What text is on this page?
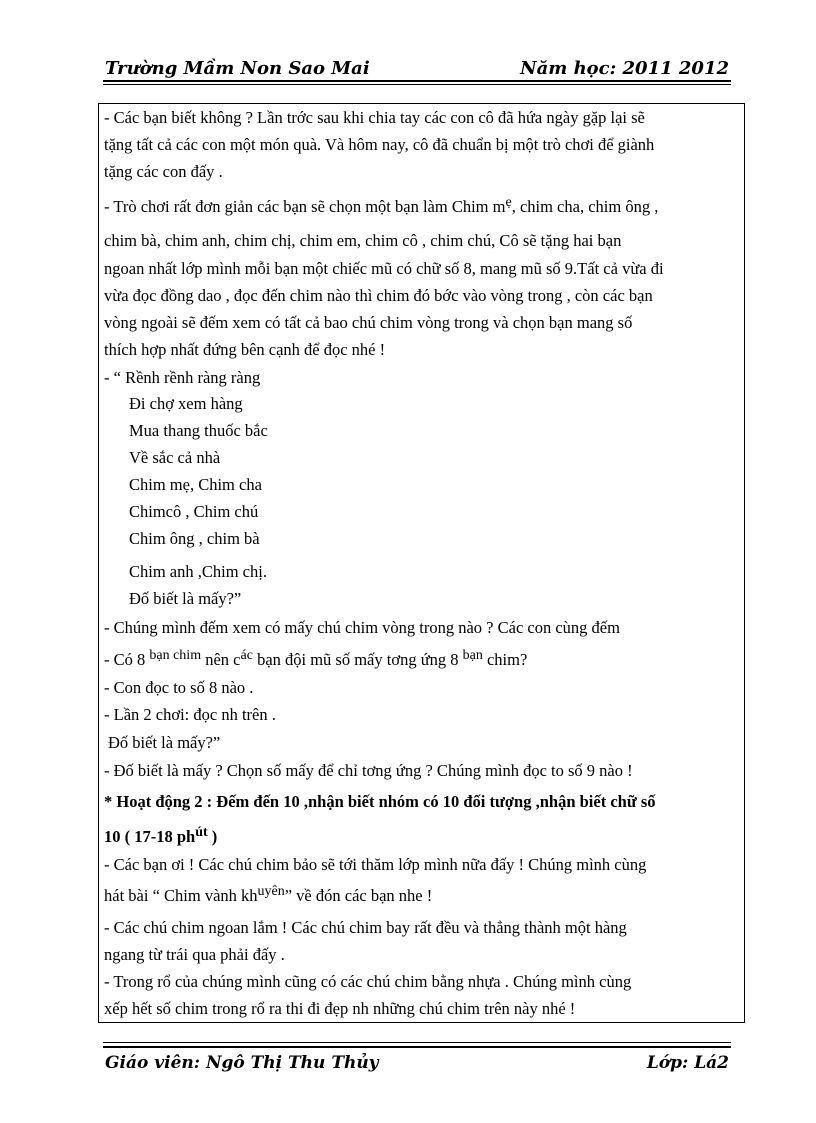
Trường Mầm Non Sao Mai	Năm học: 2011 2012
- Các bạn biết không ? Lần trớc sau khi chia tay các con cô đã hứa ngày gặp lại sẽ
tặng tất cả các con một món quà. Và hôm nay, cô đã chuẩn bị một trò chơi để giành
tặng các con đấy .
- Trò chơi rất đơn giản các bạn sẽ chọn một bạn làm Chim $m^ẹ$, chim cha, chim ông ,
chim bà, chim anh, chim chị, chim em, chim cô , chim chú, Cô sẽ tặng hai bạn
ngoan nhất lớp mình mỗi bạn một chiếc mũ có chữ số 8, mang mũ số 9.Tất cả vừa đi
vừa đọc đồng dao , đọc đến chim nào thì chim đó bớc vào vòng trong , còn các bạn
vòng ngoài sẽ đếm xem có tất cả bao chú chim vòng trong và chọn bạn mang số
thích hợp nhất đứng bên cạnh để đọc nhé !
- “ Rềnh rềnh ràng ràng
Đi chợ xem hàng
Mua thang thuốc bắc
Về sắc cả nhà
Chim mẹ, Chim cha
Chimcô , Chim chú
Chim ông , chim bà
Chim anh ,Chim chị.
Đố biết là mấy?”
- Chúng mình đếm xem có mấy chú chim vòng trong nào ? Các con cùng đếm
- Có 8 $^{bạn chim}$ nên $c^{ác}$ bạn đội mũ số mấy tơng ứng 8 $^{bạn}$ chim?
- Con đọc to số 8 nào .
- Lần 2 chơi: đọc nh trên .
Đố biết là mấy?”
- Đố biết là mấy ? Chọn số mấy để chỉ tơng ứng ? Chúng mình đọc to số 9 nào !
* Hoạt động 2 : Đếm đến 10 ,nhận biết nhóm có 10 đối tượng ,nhận biết chữ số
10 ( 17-18 $ph^{út}$ )
- Các bạn ơi ! Các chú chim bảo sẽ tới thăm lớp mình nữa đấy ! Chúng mình cùng
hát bài “ Chim vành $kh^{uyên}$” về đón các bạn nhe !
- Các chú chim ngoan lắm ! Các chú chim bay rất đều và thẳng thành một hàng
ngang từ trái qua phải đấy .
- Trong rổ của chúng mình cũng có các chú chim bằng nhựa . Chúng mình cùng
xếp hết số chim trong rổ ra thi đi đẹp nh những chú chim trên này nhé !
Giáo viên: Ngô Thị Thu Thủy	Lớp: Lá2
